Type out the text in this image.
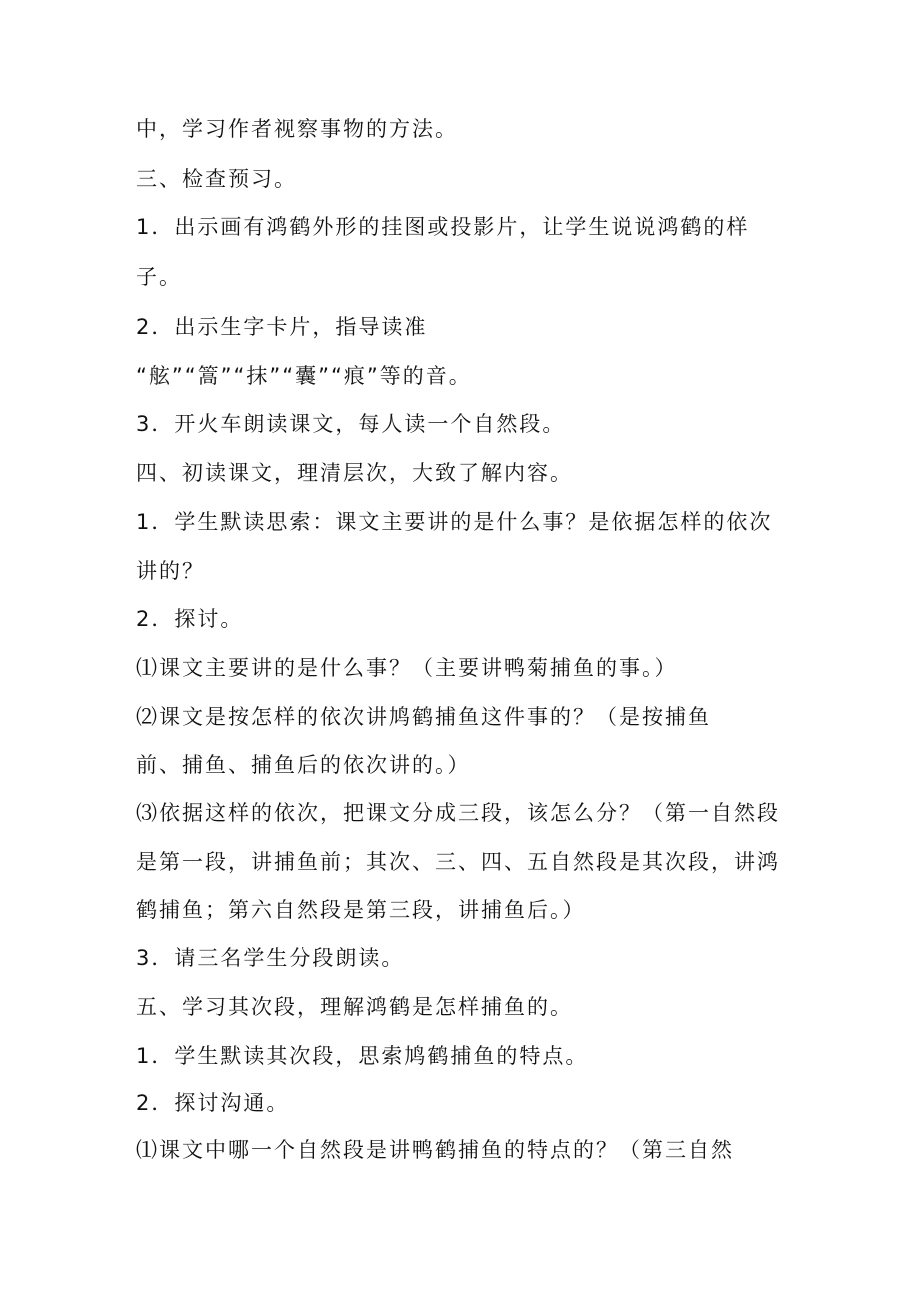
中，学习作者视察事物的方法。

三、检查预习。

1．出示画有鸿鹤外形的挂图或投影片，让学生说说鸿鹤的样

子。

2．出示生字卡片，指导读准

“舷”“篙”“抹”“囊”“痕”等的音。

3．开火车朗读课文，每人读一个自然段。

四、初读课文，理清层次，大致了解内容。

1．学生默读思索：课文主要讲的是什么事？是依据怎样的依次

讲的？

2．探讨。

⑴课文主要讲的是什么事？（主要讲鸭菊捕鱼的事。）

⑵课文是按怎样的依次讲鸠鹤捕鱼这件事的？（是按捕鱼

前、捕鱼、捕鱼后的依次讲的。）

⑶依据这样的依次，把课文分成三段，该怎么分？（第一自然段

是第一段，讲捕鱼前；其次、三、四、五自然段是其次段，讲鸿

鹤捕鱼；第六自然段是第三段，讲捕鱼后。）

3．请三名学生分段朗读。

五、学习其次段，理解鸿鹤是怎样捕鱼的。

1．学生默读其次段，思索鸠鹤捕鱼的特点。

2．探讨沟通。

⑴课文中哪一个自然段是讲鸭鹤捕鱼的特点的？（第三自然
